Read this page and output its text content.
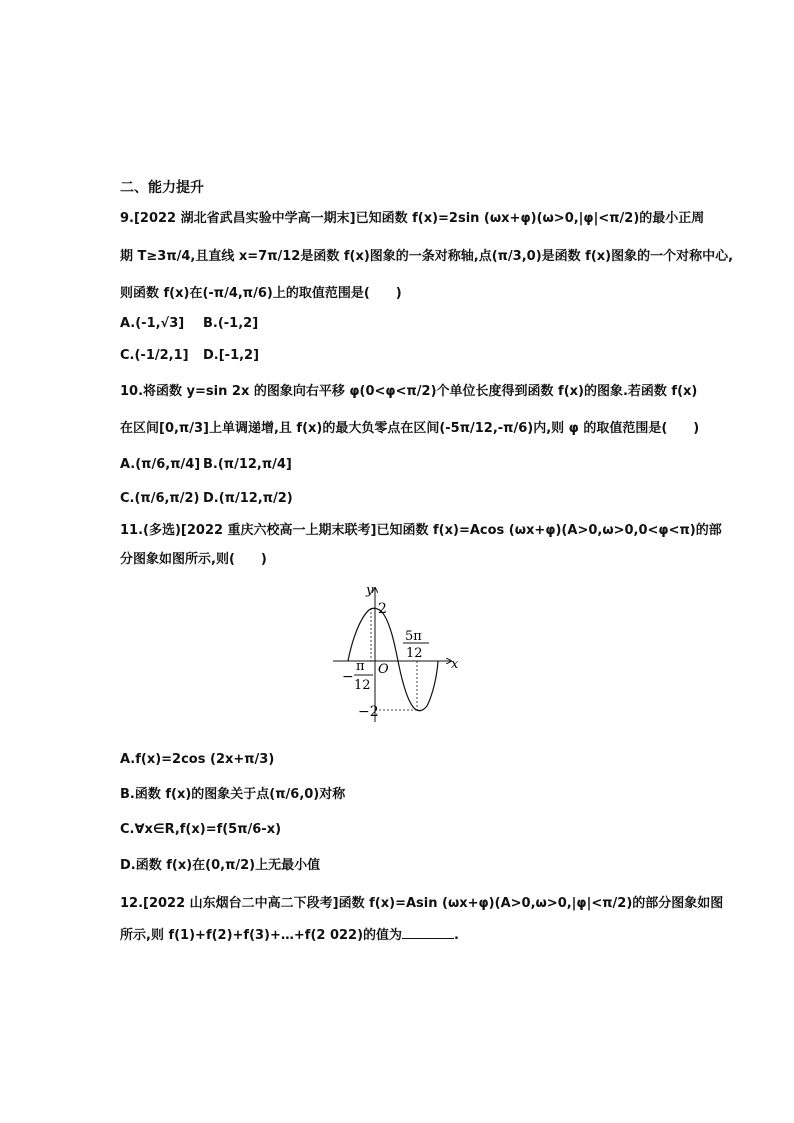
二、能力提升
9.[2022 湖北省武昌实验中学高一期末]已知函数 f(x)=2sin (ωx+φ)(ω>0,|φ|<π/2)的最小正周
期 T≥3π/4,且直线 x=7π/12是函数 f(x)图象的一条对称轴,点(π/3,0)是函数 f(x)图象的一个对称中心,
则函数 f(x)在(-π/4,π/6)上的取值范围是(　　)
A.(-1,√3] B.(-1,2]
C.(-1/2,1] D.[-1,2]
10.将函数 y=sin 2x 的图象向右平移 φ(0<φ<π/2)个单位长度得到函数 f(x)的图象.若函数 f(x)
在区间[0,π/3]上单调递增,且 f(x)的最大负零点在区间(-5π/12,-π/6)内,则 φ 的取值范围是(　　)
A.(π/6,π/4] B.(π/12,π/4]
C.(π/6,π/2) D.(π/12,π/2)
11.(多选)[2022 重庆六校高一上期末联考]已知函数 f(x)=Acos (ωx+φ)(A>0,ω>0,0<φ<π)的部
分图象如图所示,则(　　)
y
x
O
2
−2
−
π
12
5π
12
A.f(x)=2cos (2x+π/3)
B.函数 f(x)的图象关于点(π/6,0)对称
C.∀x∈R,f(x)=f(5π/6-x)
D.函数 f(x)在(0,π/2)上无最小值
12.[2022 山东烟台二中高二下段考]函数 f(x)=Asin (ωx+φ)(A>0,ω>0,|φ|<π/2)的部分图象如图
所示,则 f(1)+f(2)+f(3)+…+f(2 022)的值为	.
